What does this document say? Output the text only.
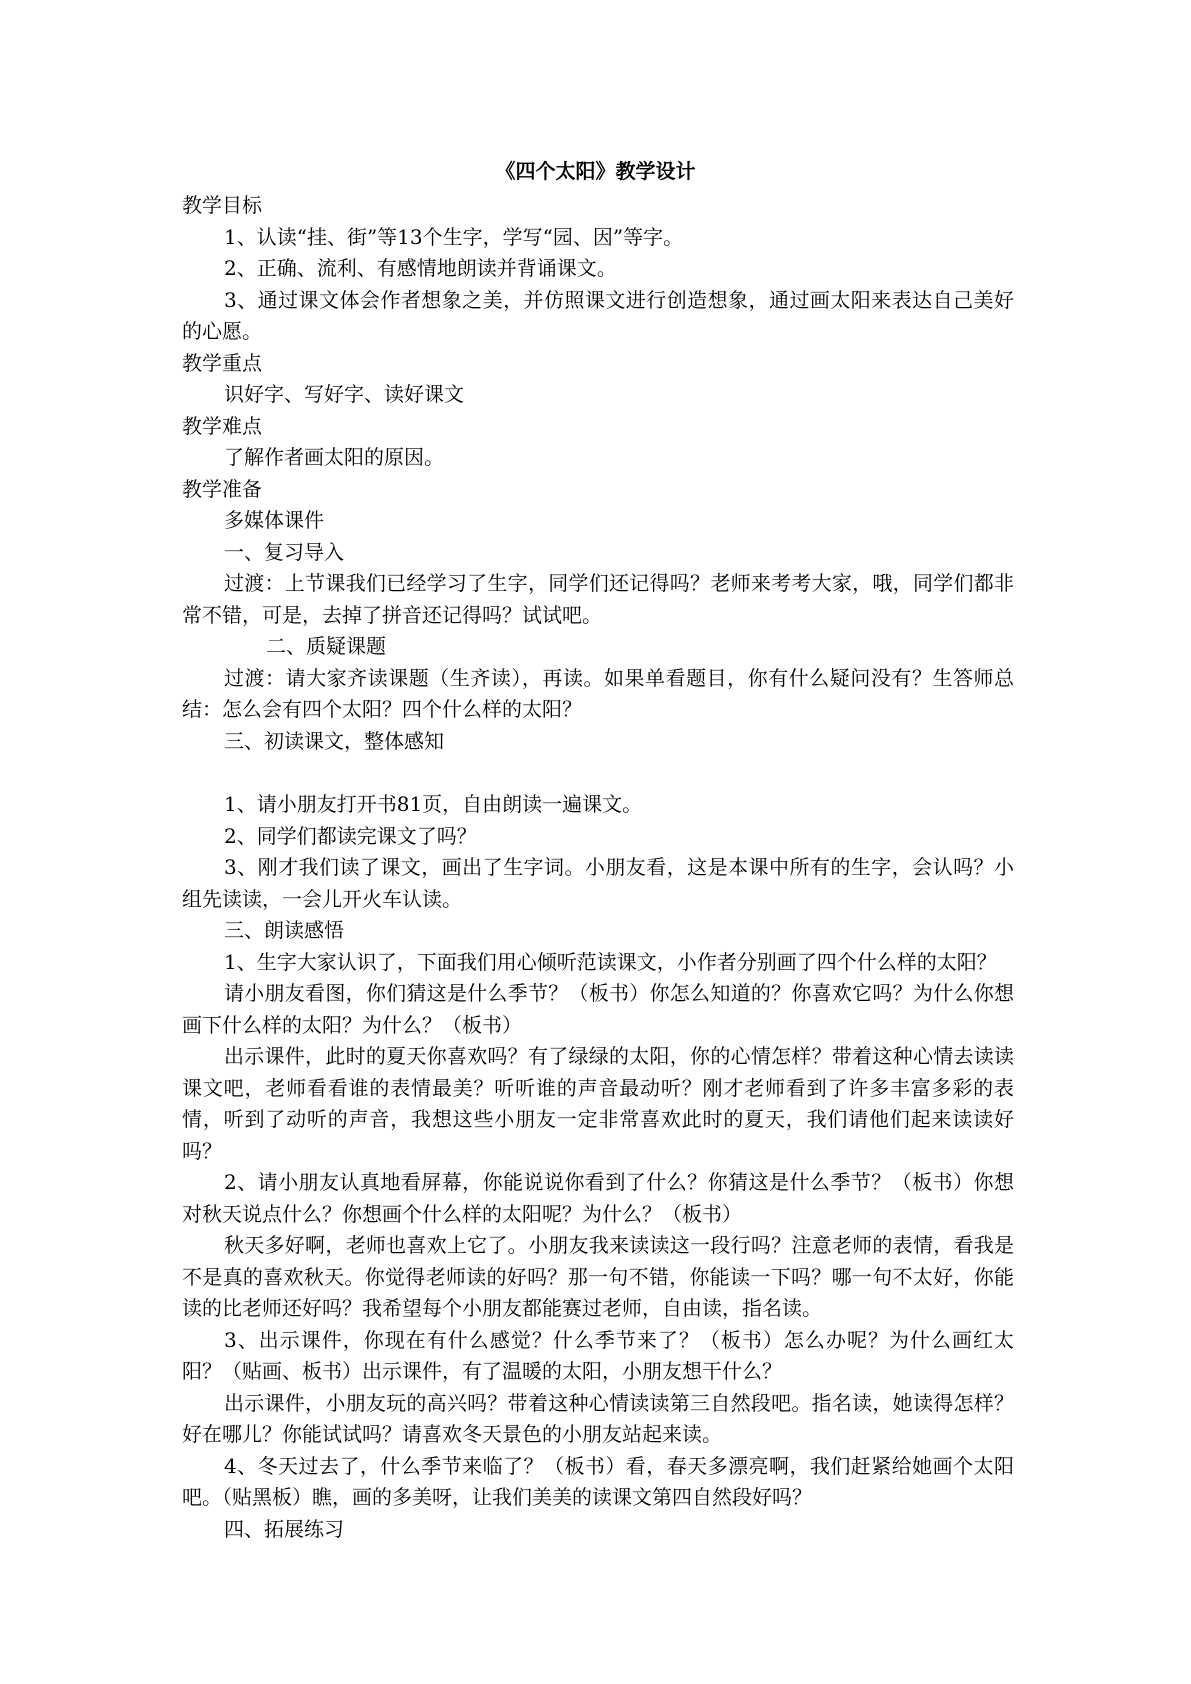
《四个太阳》教学设计

教学目标

1、认读“挂、街”等13个生字，学写“园、因”等字。

2、正确、流利、有感情地朗读并背诵课文。

3、通过课文体会作者想象之美，并仿照课文进行创造想象，通过画太阳来表达自己美好的心愿。

教学重点

识好字、写好字、读好课文

教学难点

了解作者画太阳的原因。

教学准备

多媒体课件

一、复习导入

过渡：上节课我们已经学习了生字，同学们还记得吗？老师来考考大家，哦，同学们都非常不错，可是，去掉了拼音还记得吗？试试吧。

二、质疑课题

过渡：请大家齐读课题（生齐读），再读。如果单看题目，你有什么疑问没有？生答师总结：怎么会有四个太阳？四个什么样的太阳？

三、初读课文，整体感知

1、请小朋友打开书81页，自由朗读一遍课文。

2、同学们都读完课文了吗？

3、刚才我们读了课文，画出了生字词。小朋友看，这是本课中所有的生字，会认吗？小组先读读，一会儿开火车认读。

三、朗读感悟

1、生字大家认识了，下面我们用心倾听范读课文，小作者分别画了四个什么样的太阳？

请小朋友看图，你们猜这是什么季节？（板书）你怎么知道的？你喜欢它吗？为什么你想画下什么样的太阳？为什么？（板书）

出示课件，此时的夏天你喜欢吗？有了绿绿的太阳，你的心情怎样？带着这种心情去读读课文吧，老师看看谁的表情最美？听听谁的声音最动听？刚才老师看到了许多丰富多彩的表情，听到了动听的声音，我想这些小朋友一定非常喜欢此时的夏天，我们请他们起来读读好吗？

2、请小朋友认真地看屏幕，你能说说你看到了什么？你猜这是什么季节？（板书）你想对秋天说点什么？你想画个什么样的太阳呢？为什么？（板书）

秋天多好啊，老师也喜欢上它了。小朋友我来读读这一段行吗？注意老师的表情，看我是不是真的喜欢秋天。你觉得老师读的好吗？那一句不错，你能读一下吗？哪一句不太好，你能读的比老师还好吗？我希望每个小朋友都能赛过老师，自由读，指名读。

3、出示课件，你现在有什么感觉？什么季节来了？（板书）怎么办呢？为什么画红太阳？（贴画、板书）出示课件，有了温暖的太阳，小朋友想干什么？

出示课件，小朋友玩的高兴吗？带着这种心情读读第三自然段吧。指名读，她读得怎样？好在哪儿？你能试试吗？请喜欢冬天景色的小朋友站起来读。

4、冬天过去了，什么季节来临了？（板书）看，春天多漂亮啊，我们赶紧给她画个太阳吧。（贴黑板）瞧，画的多美呀，让我们美美的读课文第四自然段好吗？

四、拓展练习
